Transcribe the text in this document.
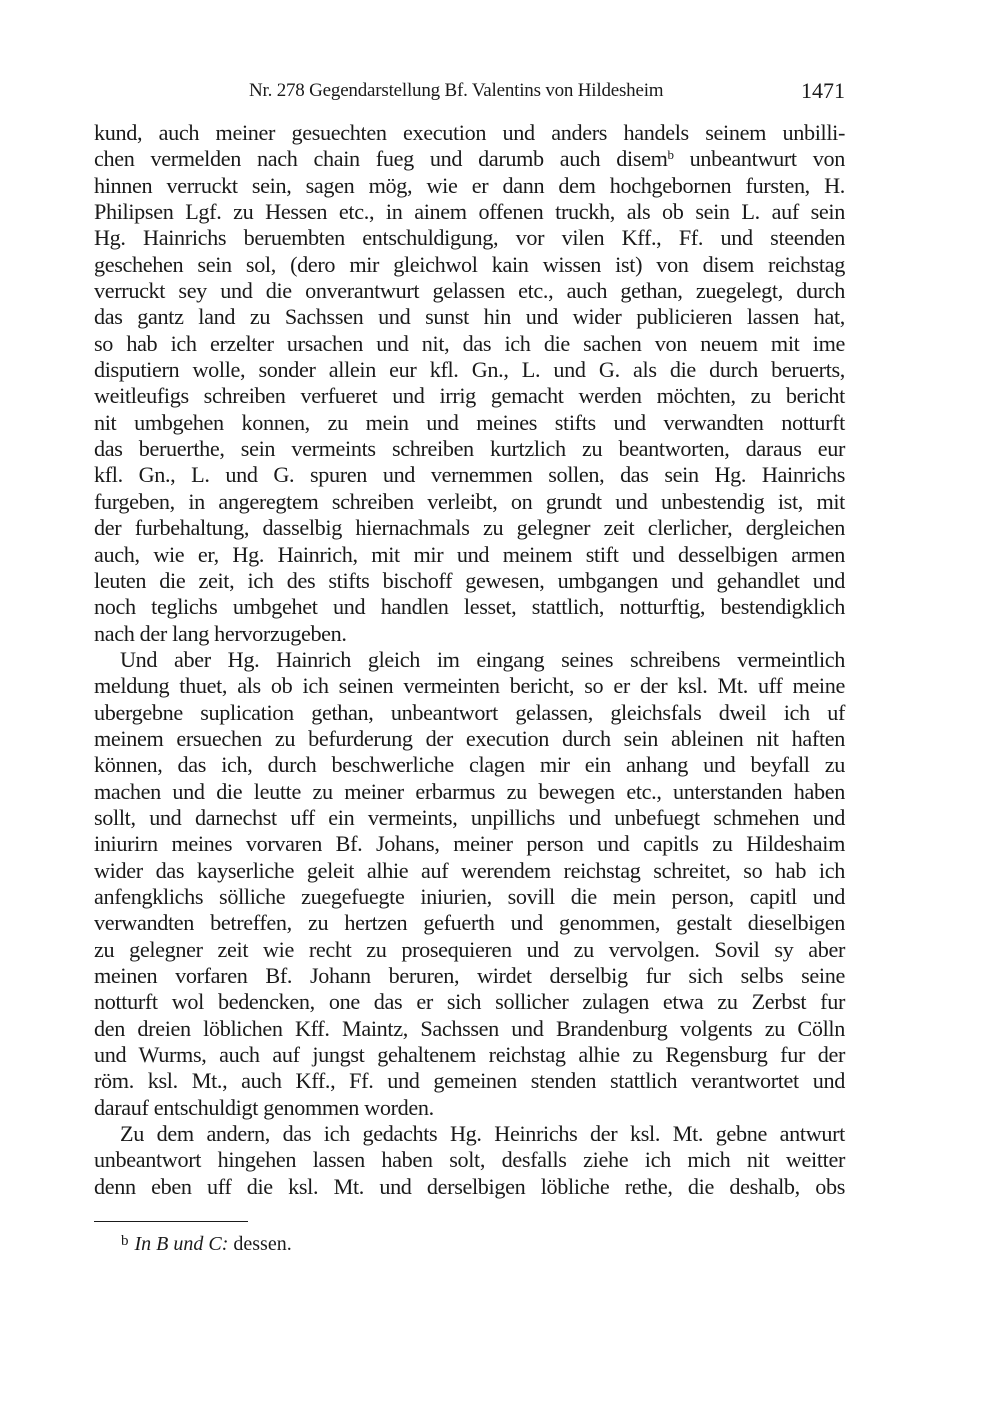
Nr. 278 Gegendarstellung Bf. Valentins von Hildesheim	1471
kund, auch meiner gesuechten execution und anders handels seinem unbilli-
chen vermelden nach chain fueg und darumb auch disem$^b$ unbeantwurt von
hinnen verruckt sein, sagen mög, wie er dann dem hochgebornen fursten, H.
Philipsen Lgf. zu Hessen etc., in ainem offenen truckh, als ob sein L. auf sein
Hg. Hainrichs beruembten entschuldigung, vor vilen Kff., Ff. und steenden
geschehen sein sol, (dero mir gleichwol kain wissen ist) von disem reichstag
verruckt sey und die onverantwurt gelassen etc., auch gethan, zuegelegt, durch
das gantz land zu Sachssen und sunst hin und wider publicieren lassen hat,
so hab ich erzelter ursachen und nit, das ich die sachen von neuem mit ime
disputiern wolle, sonder allein eur kfl. Gn., L. und G. als die durch beruerts,
weitleufigs schreiben verfueret und irrig gemacht werden möchten, zu bericht
nit umbgehen konnen, zu mein und meines stifts und verwandten notturft
das beruerthe, sein vermeints schreiben kurtzlich zu beantworten, daraus eur
kfl. Gn., L. und G. spuren und vernemmen sollen, das sein Hg. Hainrichs
furgeben, in angeregtem schreiben verleibt, on grundt und unbestendig ist, mit
der furbehaltung, dasselbig hiernachmals zu gelegner zeit clerlicher, dergleichen
auch, wie er, Hg. Hainrich, mit mir und meinem stift und desselbigen armen
leuten die zeit, ich des stifts bischoff gewesen, umbgangen und gehandlet und
noch teglichs umbgehet und handlen lesset, stattlich, notturftig, bestendigklich
nach der lang hervorzugeben.
Und aber Hg. Hainrich gleich im eingang seines schreibens vermeintlich
meldung thuet, als ob ich seinen vermeinten bericht, so er der ksl. Mt. uff meine
ubergebne suplication gethan, unbeantwort gelassen, gleichsfals dweil ich uf
meinem ersuechen zu befurderung der execution durch sein ableinen nit haften
können, das ich, durch beschwerliche clagen mir ein anhang und beyfall zu
machen und die leutte zu meiner erbarmus zu bewegen etc., unterstanden haben
sollt, und darnechst uff ein vermeints, unpillichs und unbefuegt schmehen und
iniurirn meines vorvaren Bf. Johans, meiner person und capitls zu Hildeshaim
wider das kayserliche geleit alhie auf werendem reichstag schreitet, so hab ich
anfengklichs sölliche zuegefuegte iniurien, sovill die mein person, capitl und
verwandten betreffen, zu hertzen gefuerth und genommen, gestalt dieselbigen
zu gelegner zeit wie recht zu prosequieren und zu vervolgen. Sovil sy aber
meinen vorfaren Bf. Johann beruren, wirdet derselbig fur sich selbs seine
notturft wol bedencken, one das er sich sollicher zulagen etwa zu Zerbst fur
den dreien löblichen Kff. Maintz, Sachssen und Brandenburg volgents zu Cölln
und Wurms, auch auf jungst gehaltenem reichstag alhie zu Regensburg fur der
röm. ksl. Mt., auch Kff., Ff. und gemeinen stenden stattlich verantwortet und
darauf entschuldigt genommen worden.
Zu dem andern, das ich gedachts Hg. Heinrichs der ksl. Mt. gebne antwurt
unbeantwort hingehen lassen haben solt, desfalls ziehe ich mich nit weitter
denn eben uff die ksl. Mt. und derselbigen löbliche rethe, die deshalb, obs
$^b$ In B und C: dessen.
